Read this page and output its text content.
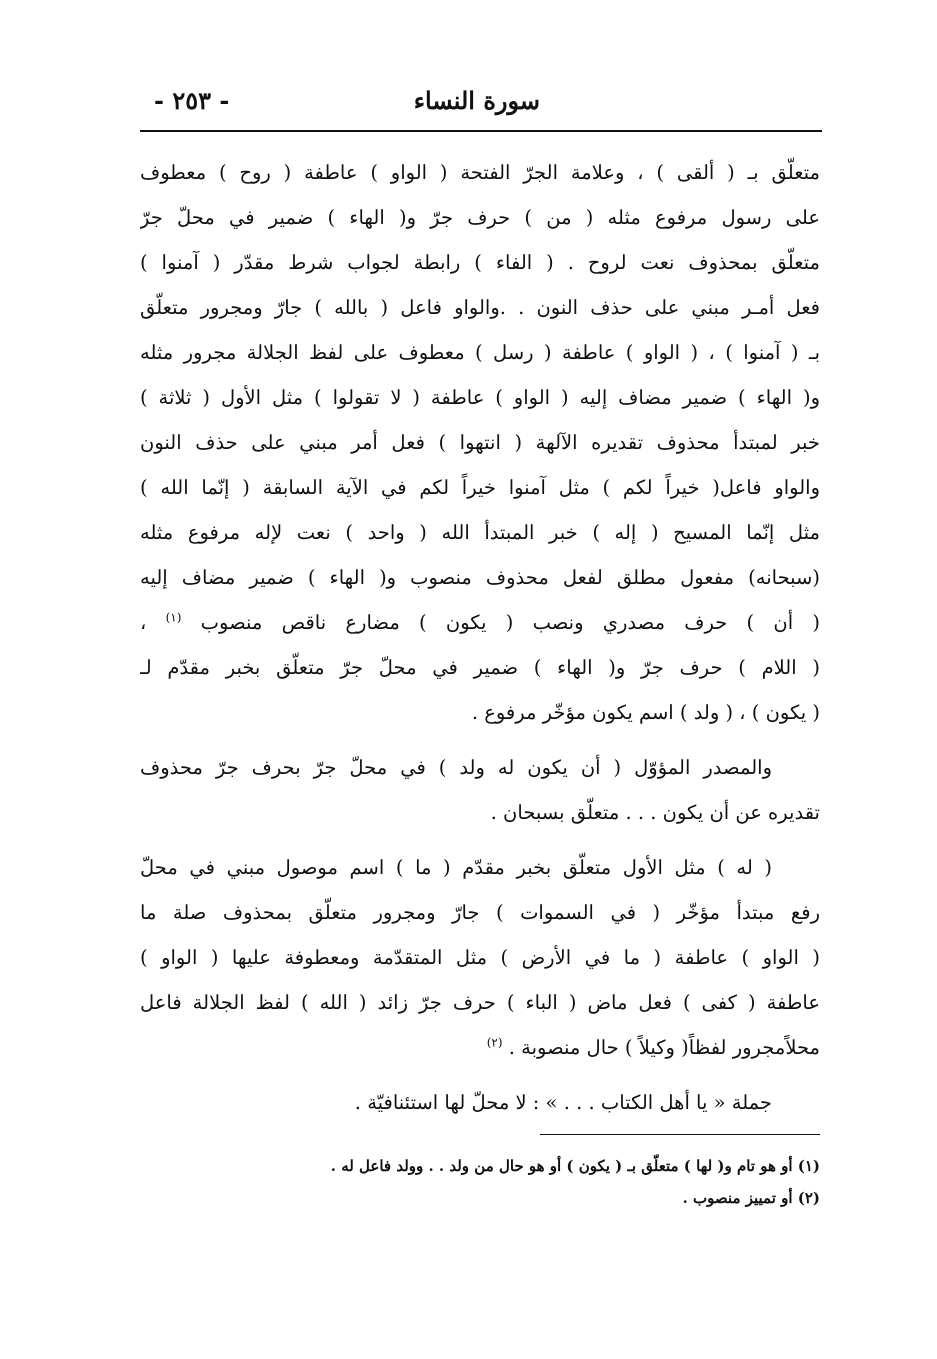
سورة النساء
- ٢٥٣ -
متعلّق بـ ( ألقى ) ، وعلامة الجرّ الفتحة ( الواو ) عاطفة ( روح ) معطوف
على رسول مرفوع مثله ( من ) حرف جرّ و( الهاء ) ضمير في محلّ جرّ
متعلّق بمحذوف نعت لروح . ( الفاء ) رابطة لجواب شرط مقدّر ( آمنوا )
فعل أمـر مبني على حذف النون . .والواو فاعل ( بالله ) جارّ ومجرور متعلّق
بـ ( آمنوا ) ، ( الواو ) عاطفة ( رسل ) معطوف على لفظ الجلالة مجرور مثله
و( الهاء ) ضمير مضاف إليه ( الواو ) عاطفة ( لا تقولوا ) مثل الأول ( ثلاثة )
خبر لمبتدأ محذوف تقديره الآلهة ( انتهوا ) فعل أمر مبني على حذف النون
والواو فاعل( خيراً لكم ) مثل آمنوا خيراً لكم في الآية السابقة ( إنّما الله )
مثل إنّما المسيح ( إله ) خبر المبتدأ الله ( واحد ) نعت لإله مرفوع مثله
(سبحانه) مفعول مطلق لفعل محذوف منصوب و( الهاء ) ضمير مضاف إليه
( أن ) حرف مصدري ونصب ( يكون ) مضارع ناقص منصوب $^{(١)}$ ،
( اللام ) حرف جرّ و( الهاء ) ضمير في محلّ جرّ متعلّق بخبر مقدّم لـ
( يكون ) ، ( ولد ) اسم يكون مؤخّر مرفوع .
والمصدر المؤوّل ( أن يكون له ولد ) في محلّ جرّ بحرف جرّ محذوف
تقديره عن أن يكون . . . متعلّق بسبحان .
( له ) مثل الأول متعلّق بخبر مقدّم ( ما ) اسم موصول مبني في محلّ
رفع مبتدأ مؤخّر ( في السموات ) جارّ ومجرور متعلّق بمحذوف صلة ما
( الواو ) عاطفة ( ما في الأرض ) مثل المتقدّمة ومعطوفة عليها ( الواو )
عاطفة ( كفى ) فعل ماض ( الباء ) حرف جرّ زائد ( الله ) لفظ الجلالة فاعل
محلاًمجرور لفظاً( وكيلاً ) حال منصوبة . $^{(٢)}$
جملة « يا أهل الكتاب . . . » : لا محلّ لها استئنافيّة .
(١) أو هو تام و( لها ) متعلّق بـ ( يكون ) أو هو حال من ولد . . وولد فاعل له .
(٢) أو تمييز منصوب .
